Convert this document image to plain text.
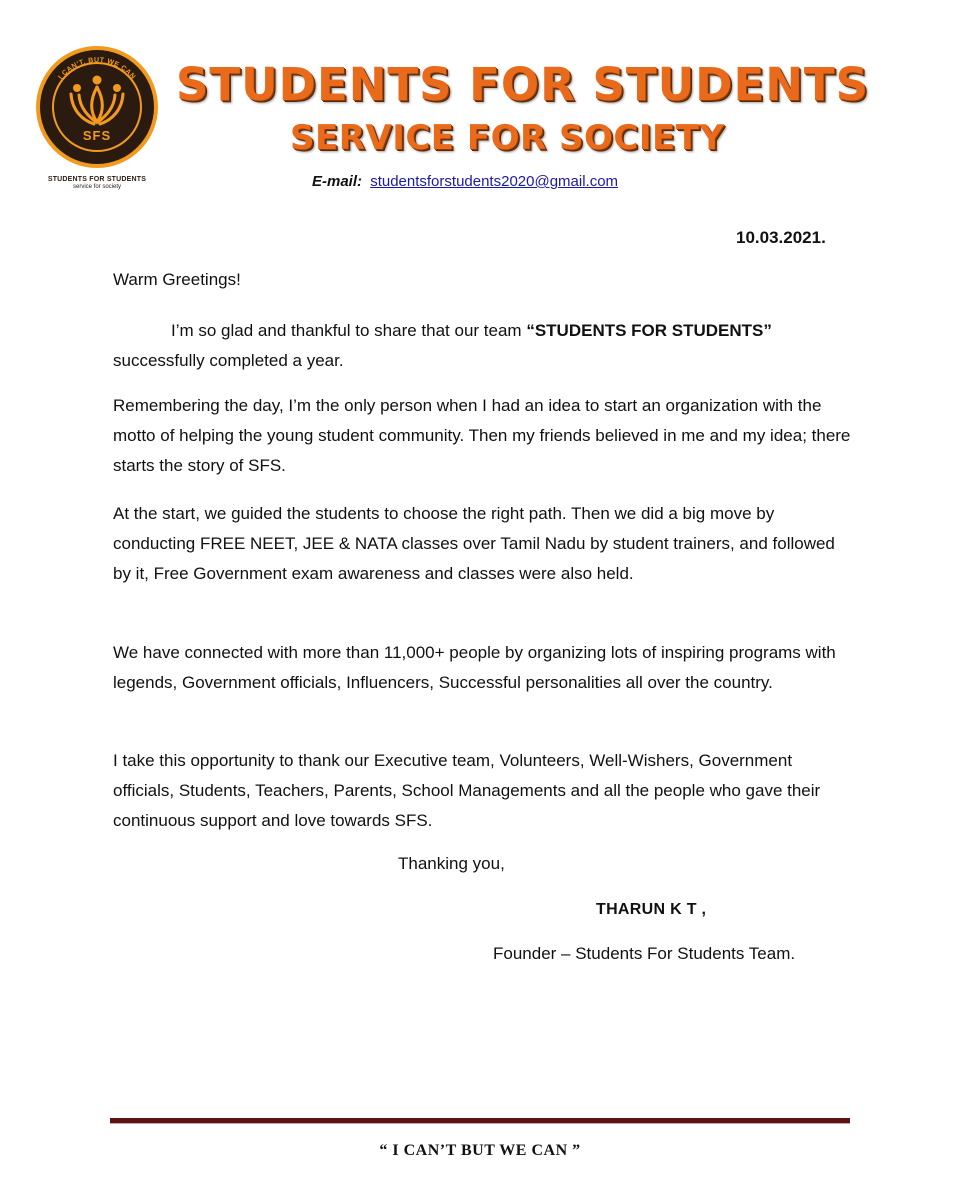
I CAN'T. BUT WE CAN
SFS
STUDENTS FOR STUDENTS
service for society
STUDENTS FOR STUDENTS
SERVICE FOR SOCIETY
E-mail: studentsforstudents2020@gmail.com
10.03.2021.
Warm Greetings!

I’m so glad and thankful to share that our team “STUDENTS FOR STUDENTS” successfully completed a year.

Remembering the day, I’m the only person when I had an idea to start an organization with the motto of helping the young student community. Then my friends believed in me and my idea; there starts the story of SFS.

At the start, we guided the students to choose the right path. Then we did a big move by conducting FREE NEET, JEE & NATA classes over Tamil Nadu by student trainers, and followed by it, Free Government exam awareness and classes were also held.

We have connected with more than 11,000+ people by organizing lots of inspiring programs with legends, Government officials, Influencers, Successful personalities all over the country.

I take this opportunity to thank our Executive team, Volunteers, Well-Wishers, Government officials, Students, Teachers, Parents, School Managements and all the people who gave their continuous support and love towards SFS.

Thanking you,
THARUN K T ,
Founder – Students For Students Team.
“ I CAN’T BUT WE CAN ”
